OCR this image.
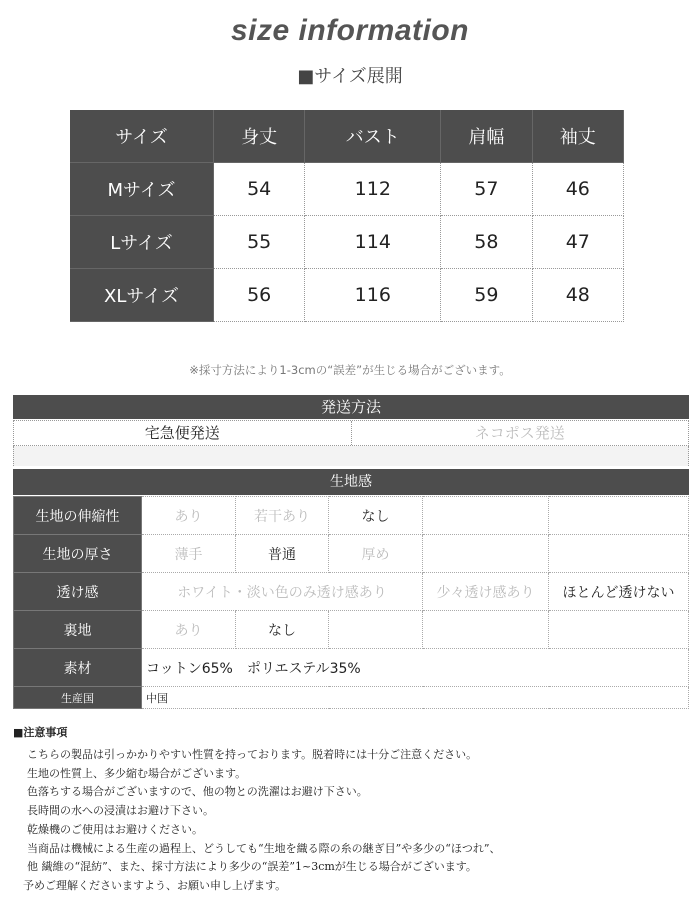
size information
■サイズ展開
サイズ	身丈	バスト	肩幅	袖丈
Mサイズ	54	112	57	46
Lサイズ	55	114	58	47
XLサイズ	56	116	59	48
※採寸方法により1-3cmの“誤差”が生じる場合がございます。
発送方法
宅急便発送	ネコポス発送
生地感
生地の伸縮性	あり	若干あり	なし		
生地の厚さ	薄手	普通	厚め		
透け感	ホワイト・淡い色のみ透け感あり			少々透け感あり	ほとんど透けない
裏地	あり	なし			
素材	コットン65%　ポリエステル35%				
生産国	中国				
■注意事項
こちらの製品は引っかかりやすい性質を持っております。脱着時には十分ご注意ください。
生地の性質上、多少縮む場合がございます。
色落ちする場合がございますので、他の物との洗濯はお避け下さい。
長時間の水への浸漬はお避け下さい。
乾燥機のご使用はお避けください。
当商品は機械による生産の過程上、どうしても“生地を織る際の糸の継ぎ目”や多少の“ほつれ”、
他 繊維の“混紡”、また、採寸方法により多少の“誤差”1~3cmが生じる場合がございます。
予めご理解くださいますよう、お願い申し上げます。
